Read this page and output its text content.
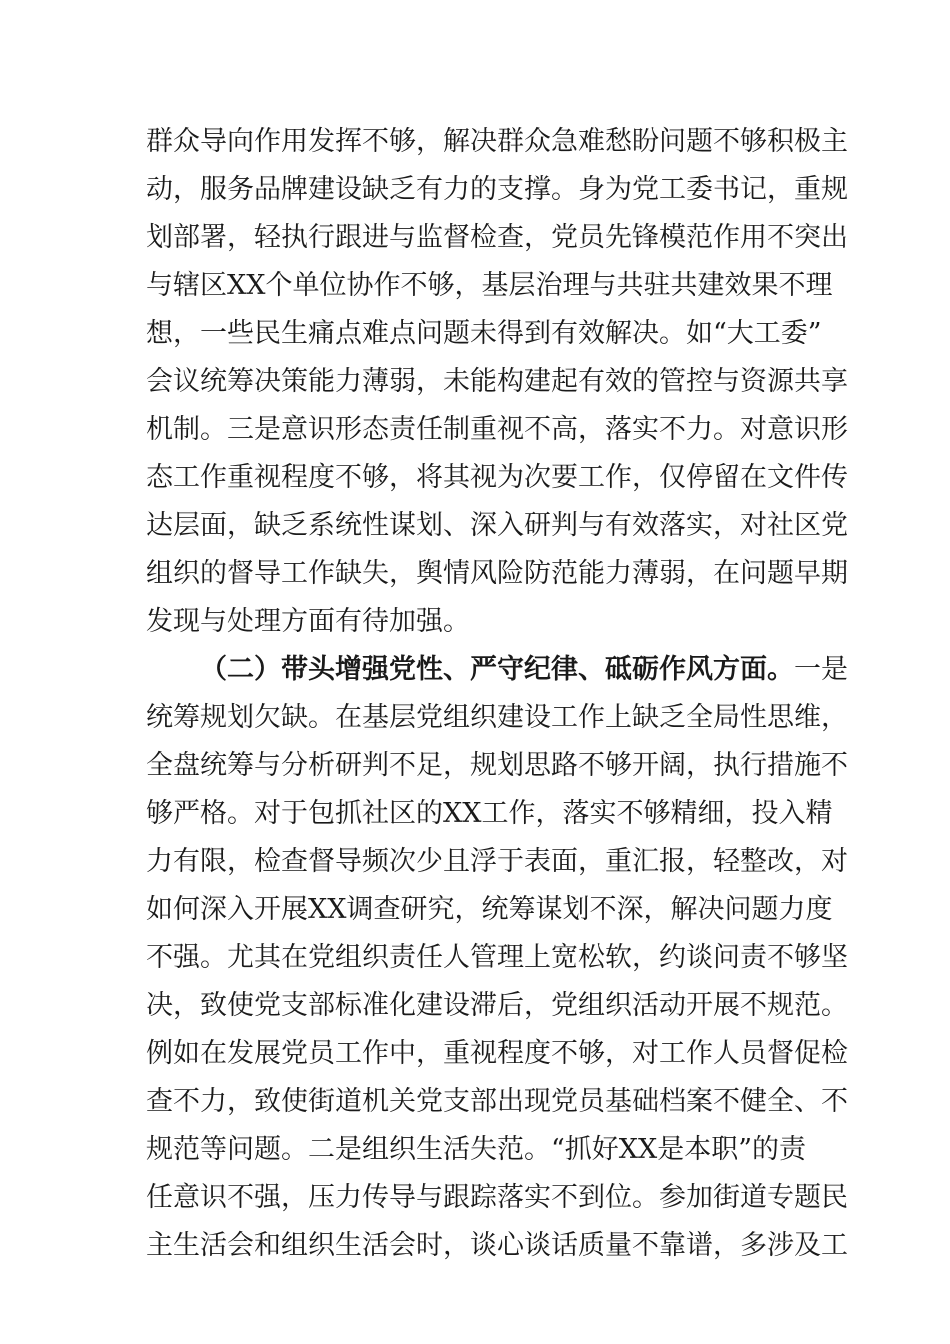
群众导向作用发挥不够，解决群众急难愁盼问题不够积极主
动，服务品牌建设缺乏有力的支撑。身为党工委书记，重规
划部署，轻执行跟进与监督检查，党员先锋模范作用不突出
与辖区XX个单位协作不够，基层治理与共驻共建效果不理
想，一些民生痛点难点问题未得到有效解决。如“大工委”
会议统筹决策能力薄弱，未能构建起有效的管控与资源共享
机制。三是意识形态责任制重视不高，落实不力。对意识形
态工作重视程度不够，将其视为次要工作，仅停留在文件传
达层面，缺乏系统性谋划、深入研判与有效落实，对社区党
组织的督导工作缺失，舆情风险防范能力薄弱，在问题早期
发现与处理方面有待加强。
（二）带头增强党性、严守纪律、砥砺作风方面。一是
统筹规划欠缺。在基层党组织建设工作上缺乏全局性思维，
全盘统筹与分析研判不足，规划思路不够开阔，执行措施不
够严格。对于包抓社区的XX工作，落实不够精细，投入精
力有限，检查督导频次少且浮于表面，重汇报，轻整改，对
如何深入开展XX调查研究，统筹谋划不深，解决问题力度
不强。尤其在党组织责任人管理上宽松软，约谈问责不够坚
决，致使党支部标准化建设滞后，党组织活动开展不规范。
例如在发展党员工作中，重视程度不够，对工作人员督促检
查不力，致使街道机关党支部出现党员基础档案不健全、不
规范等问题。二是组织生活失范。“抓好XX是本职”的责
任意识不强，压力传导与跟踪落实不到位。参加街道专题民
主生活会和组织生活会时，谈心谈话质量不靠谱，多涉及工
